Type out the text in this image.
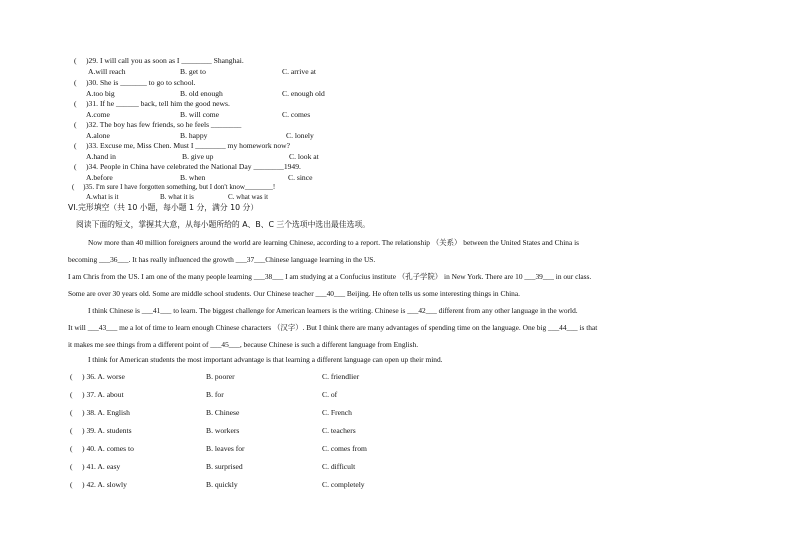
(　 )29. I will call you as soon as I ________ Shanghai.
A.will reach	B. get to	C. arrive at
(　 )30. She is _______ to go to school.
A.too big	B. old enough	C. enough old
(　 )31. If he ______ back, tell him the good news.
A.come	B. will come	C. comes
(　 )32. The boy has few friends, so he feels ________
A.alone	B. happy	C. lonely
(　 )33. Excuse me, Miss Chen. Must I ________ my homework now?
A.hand in	B. give up	C. look at
(　 )34. People in China have celebrated the National Day ________1949.
A.before	B. when	C. since
(　 )35. I'm sure I have forgotten something, but I don't know________!
A.what is it	B. what it is	C. what was it
VI.完形填空（共 10 小题，每小题 1 分，满分 10 分）
阅读下面的短文，掌握其大意，从每小题所给的 A、B、C 三个选项中选出最佳选项。
Now more than 40 million foreigners around the world are learning Chinese, according to a report. The relationship （关系） between the United States and China is
becoming ___36___. It has really influenced the growth ___37___Chinese language learning in the US.
I am Chris from the US. I am one of the many people learning ___38___ I am studying at a Confucius institute （孔子学院） in New York. There are 10 ___39___ in our class.
Some are over 30 years old. Some are middle school students. Our Chinese teacher ___40___ Beijing. He often tells us some interesting things in China.
I think Chinese is ___41___ to learn. The biggest challenge for American learners is the writing. Chinese is ___42___ different from any other language in the world.
It will ___43___ me a lot of time to learn enough Chinese characters （汉字）. But I think there are many advantages of spending time on the language. One big ___44___ is that
it makes me see things from a different point of ___45___, because Chinese is such a different language from English.
I think for American students the most important advantage is that learning a different language can open up their mind.
(　 ) 36. A. worse	B. poorer	C. friendlier
(　 ) 37. A. about	B. for	C. of
(　 ) 38. A. English	B. Chinese	C. French
(　 ) 39. A. students	B. workers	C. teachers
(　 ) 40. A. comes to	B. leaves for	C. comes from
(　 ) 41. A. easy	B. surprised	C. difficult
(　 ) 42. A. slowly	B. quickly	C. completely
